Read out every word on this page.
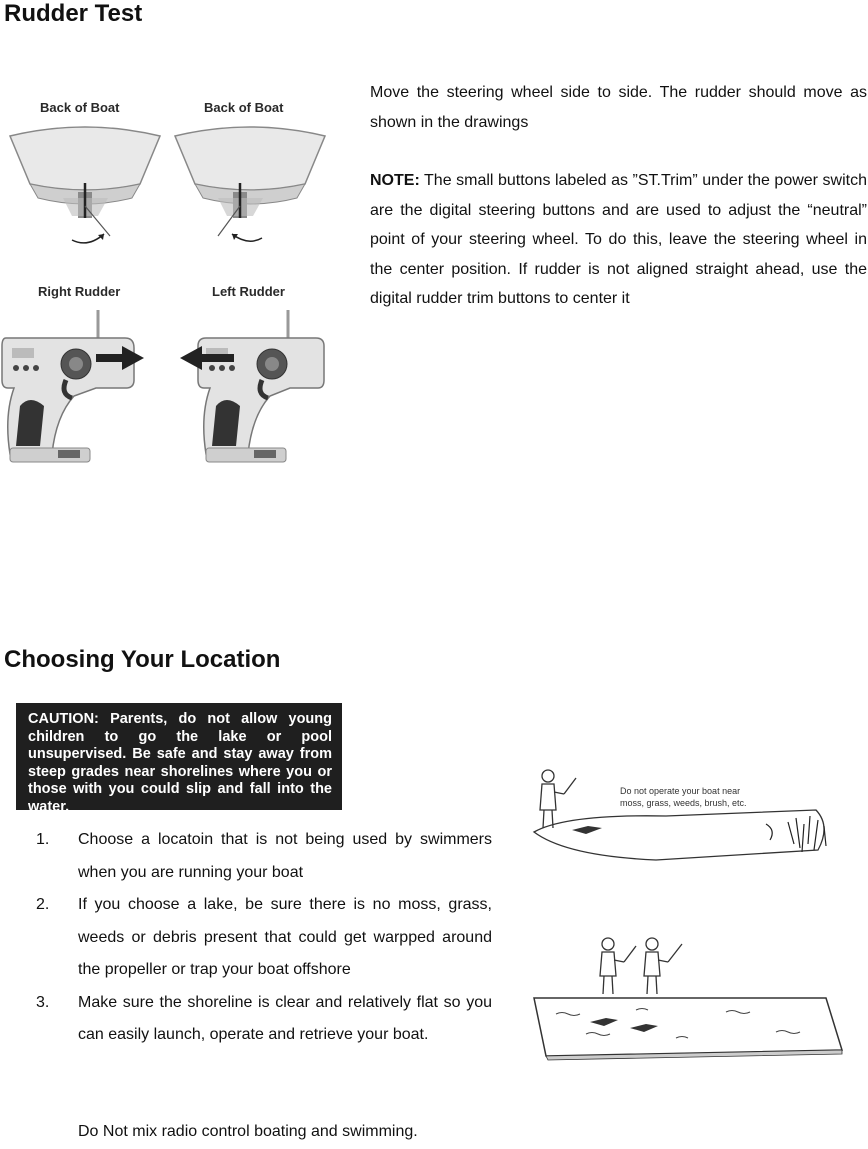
Rudder Test
Back of Boat	Back of Boat
Right Rudder	Left Rudder
Move the steering wheel side to side. The rudder should move as shown in the drawings
NOTE: The small buttons labeled as ”ST.Trim” under the power switch are the digital steering buttons and are used to adjust the “neutral” point of your steering wheel. To do this, leave the steering wheel in the center position. If rudder is not aligned straight ahead, use the digital rudder trim buttons to center it
Choosing Your Location
CAUTION: Parents, do not allow young children to go the lake or pool unsupervised. Be safe and stay away from steep grades near shorelines where you or those with you could slip and fall into the water.
1. Choose a locatoin that is not being used by swimmers when you are running your boat
2. If you choose a lake, be sure there is no moss, grass, weeds or debris present that could get warpped around the propeller or trap your boat offshore
3. Make sure the shoreline is clear and relatively flat so you can easily launch, operate and retrieve your boat.
Do Not mix radio control boating and swimming.
Do not operate your boat near
moss, grass, weeds, brush, etc.
